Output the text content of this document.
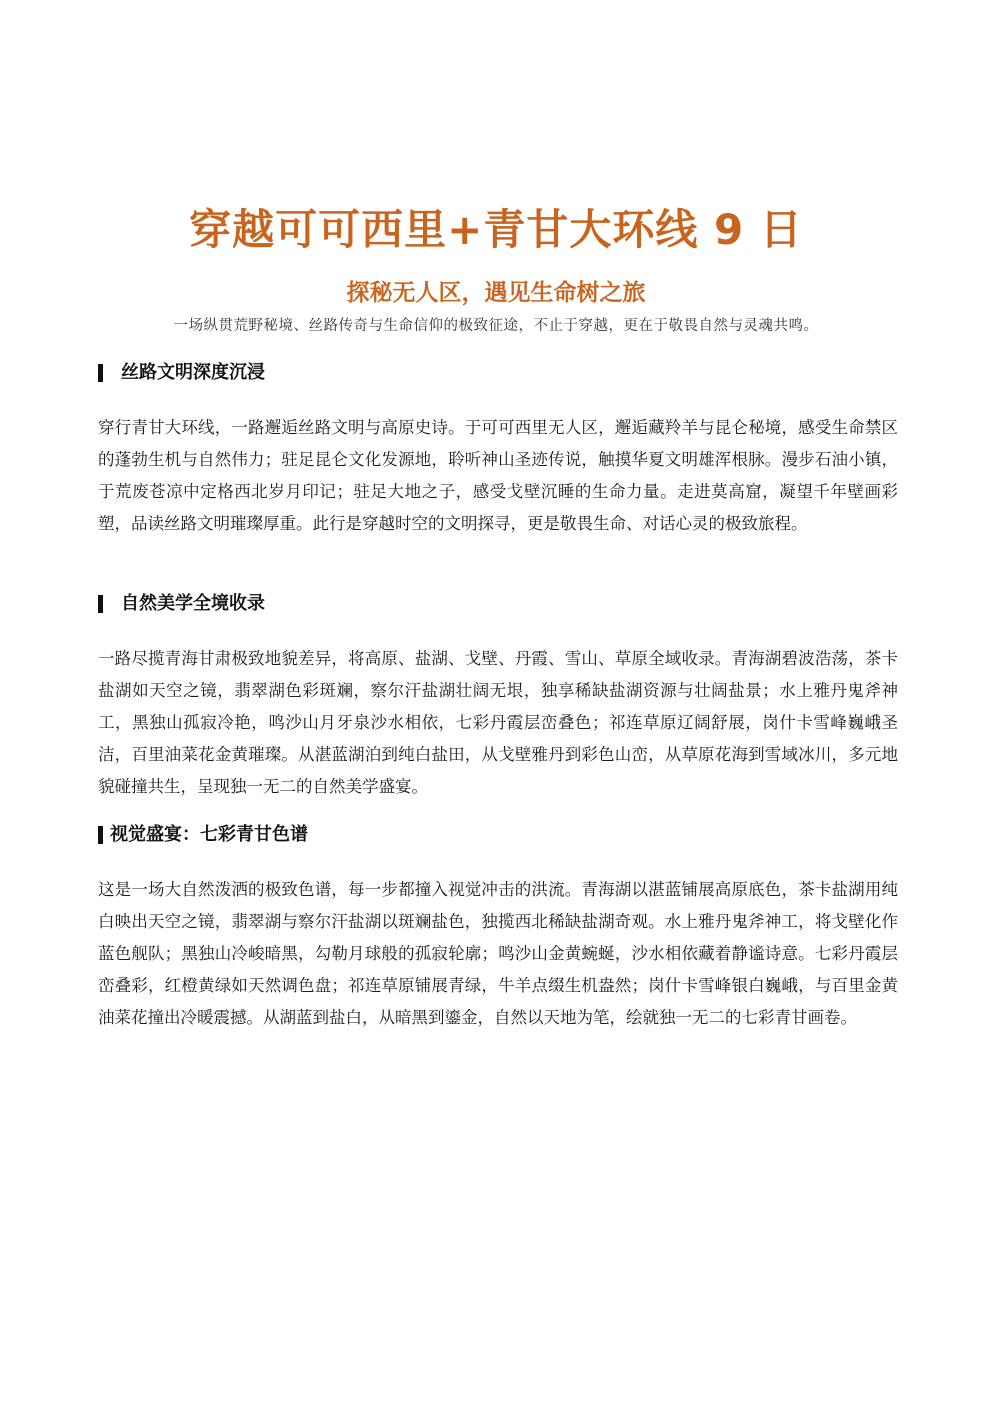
穿越可可西里+青甘大环线 9 日
探秘无人区，遇见生命树之旅

一场纵贯荒野秘境、丝路传奇与生命信仰的极致征途，不止于穿越，更在于敬畏自然与灵魂共鸣。

丝路文明深度沉浸

穿行青甘大环线，一路邂逅丝路文明与高原史诗。于可可西里无人区，邂逅藏羚羊与昆仑秘境，感受生命禁区的蓬勃生机与自然伟力；驻足昆仑文化发源地，聆听神山圣迹传说，触摸华夏文明雄浑根脉。漫步石油小镇，于荒废苍凉中定格西北岁月印记；驻足大地之子，感受戈壁沉睡的生命力量。走进莫高窟，凝望千年壁画彩塑，品读丝路文明璀璨厚重。此行是穿越时空的文明探寻，更是敬畏生命、对话心灵的极致旅程。

自然美学全境收录

一路尽揽青海甘肃极致地貌差异，将高原、盐湖、戈壁、丹霞、雪山、草原全域收录。青海湖碧波浩荡，茶卡盐湖如天空之镜，翡翠湖色彩斑斓，察尔汗盐湖壮阔无垠，独享稀缺盐湖资源与壮阔盐景；水上雅丹鬼斧神工，黑独山孤寂冷艳，鸣沙山月牙泉沙水相依，七彩丹霞层峦叠色；祁连草原辽阔舒展，岗什卡雪峰巍峨圣洁，百里油菜花金黄璀璨。从湛蓝湖泊到纯白盐田，从戈壁雅丹到彩色山峦，从草原花海到雪域冰川，多元地貌碰撞共生，呈现独一无二的自然美学盛宴。

视觉盛宴：七彩青甘色谱

这是一场大自然泼洒的极致色谱，每一步都撞入视觉冲击的洪流。青海湖以湛蓝铺展高原底色，茶卡盐湖用纯白映出天空之镜，翡翠湖与察尔汗盐湖以斑斓盐色，独揽西北稀缺盐湖奇观。水上雅丹鬼斧神工，将戈壁化作蓝色舰队；黑独山冷峻暗黑，勾勒月球般的孤寂轮廓；鸣沙山金黄蜿蜒，沙水相依藏着静谧诗意。七彩丹霞层峦叠彩，红橙黄绿如天然调色盘；祁连草原铺展青绿，牛羊点缀生机盎然；岗什卡雪峰银白巍峨，与百里金黄油菜花撞出冷暖震撼。从湖蓝到盐白，从暗黑到鎏金，自然以天地为笔，绘就独一无二的七彩青甘画卷。
